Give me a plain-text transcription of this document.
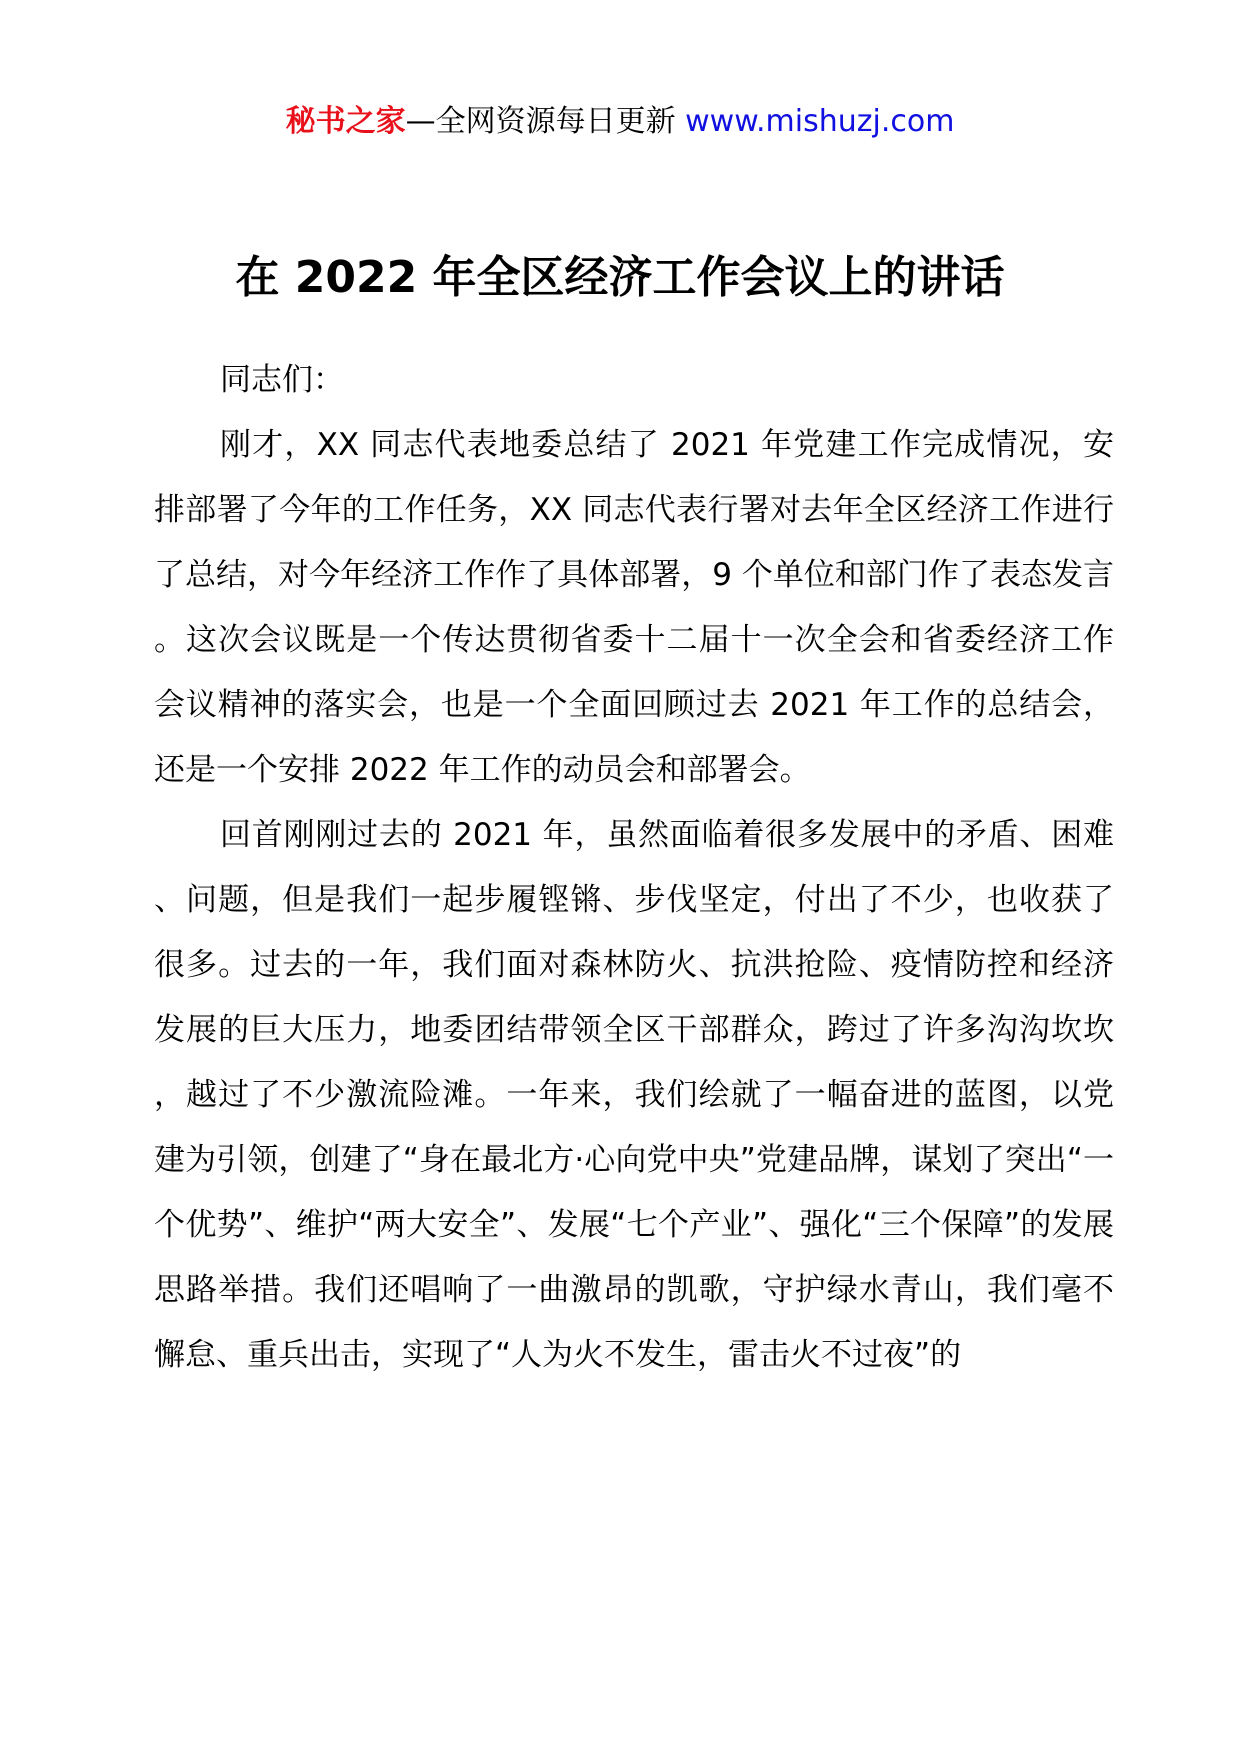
秘书之家—全网资源每日更新 www.mishuzj.com
在 2022 年全区经济工作会议上的讲话

同志们：

刚才，XX 同志代表地委总结了 2021 年党建工作完成情况，安排部署了今年的工作任务，XX 同志代表行署对去年全区经济工作进行了总结，对今年经济工作作了具体部署，9 个单位和部门作了表态发言。这次会议既是一个传达贯彻省委十二届十一次全会和省委经济工作会议精神的落实会，也是一个全面回顾过去 2021 年工作的总结会，还是一个安排 2022 年工作的动员会和部署会。

回首刚刚过去的 2021 年，虽然面临着很多发展中的矛盾、困难、问题，但是我们一起步履铿锵、步伐坚定，付出了不少，也收获了很多。过去的一年，我们面对森林防火、抗洪抢险、疫情防控和经济发展的巨大压力，地委团结带领全区干部群众，跨过了许多沟沟坎坎，越过了不少激流险滩。一年来，我们绘就了一幅奋进的蓝图，以党建为引领，创建了“身在最北方·心向党中央”党建品牌，谋划了突出“一个优势”、维护“两大安全”、发展“七个产业”、强化“三个保障”的发展思路举措。我们还唱响了一曲激昂的凯歌，守护绿水青山，我们毫不懈怠、重兵出击，实现了“人为火不发生，雷击火不过夜”的
